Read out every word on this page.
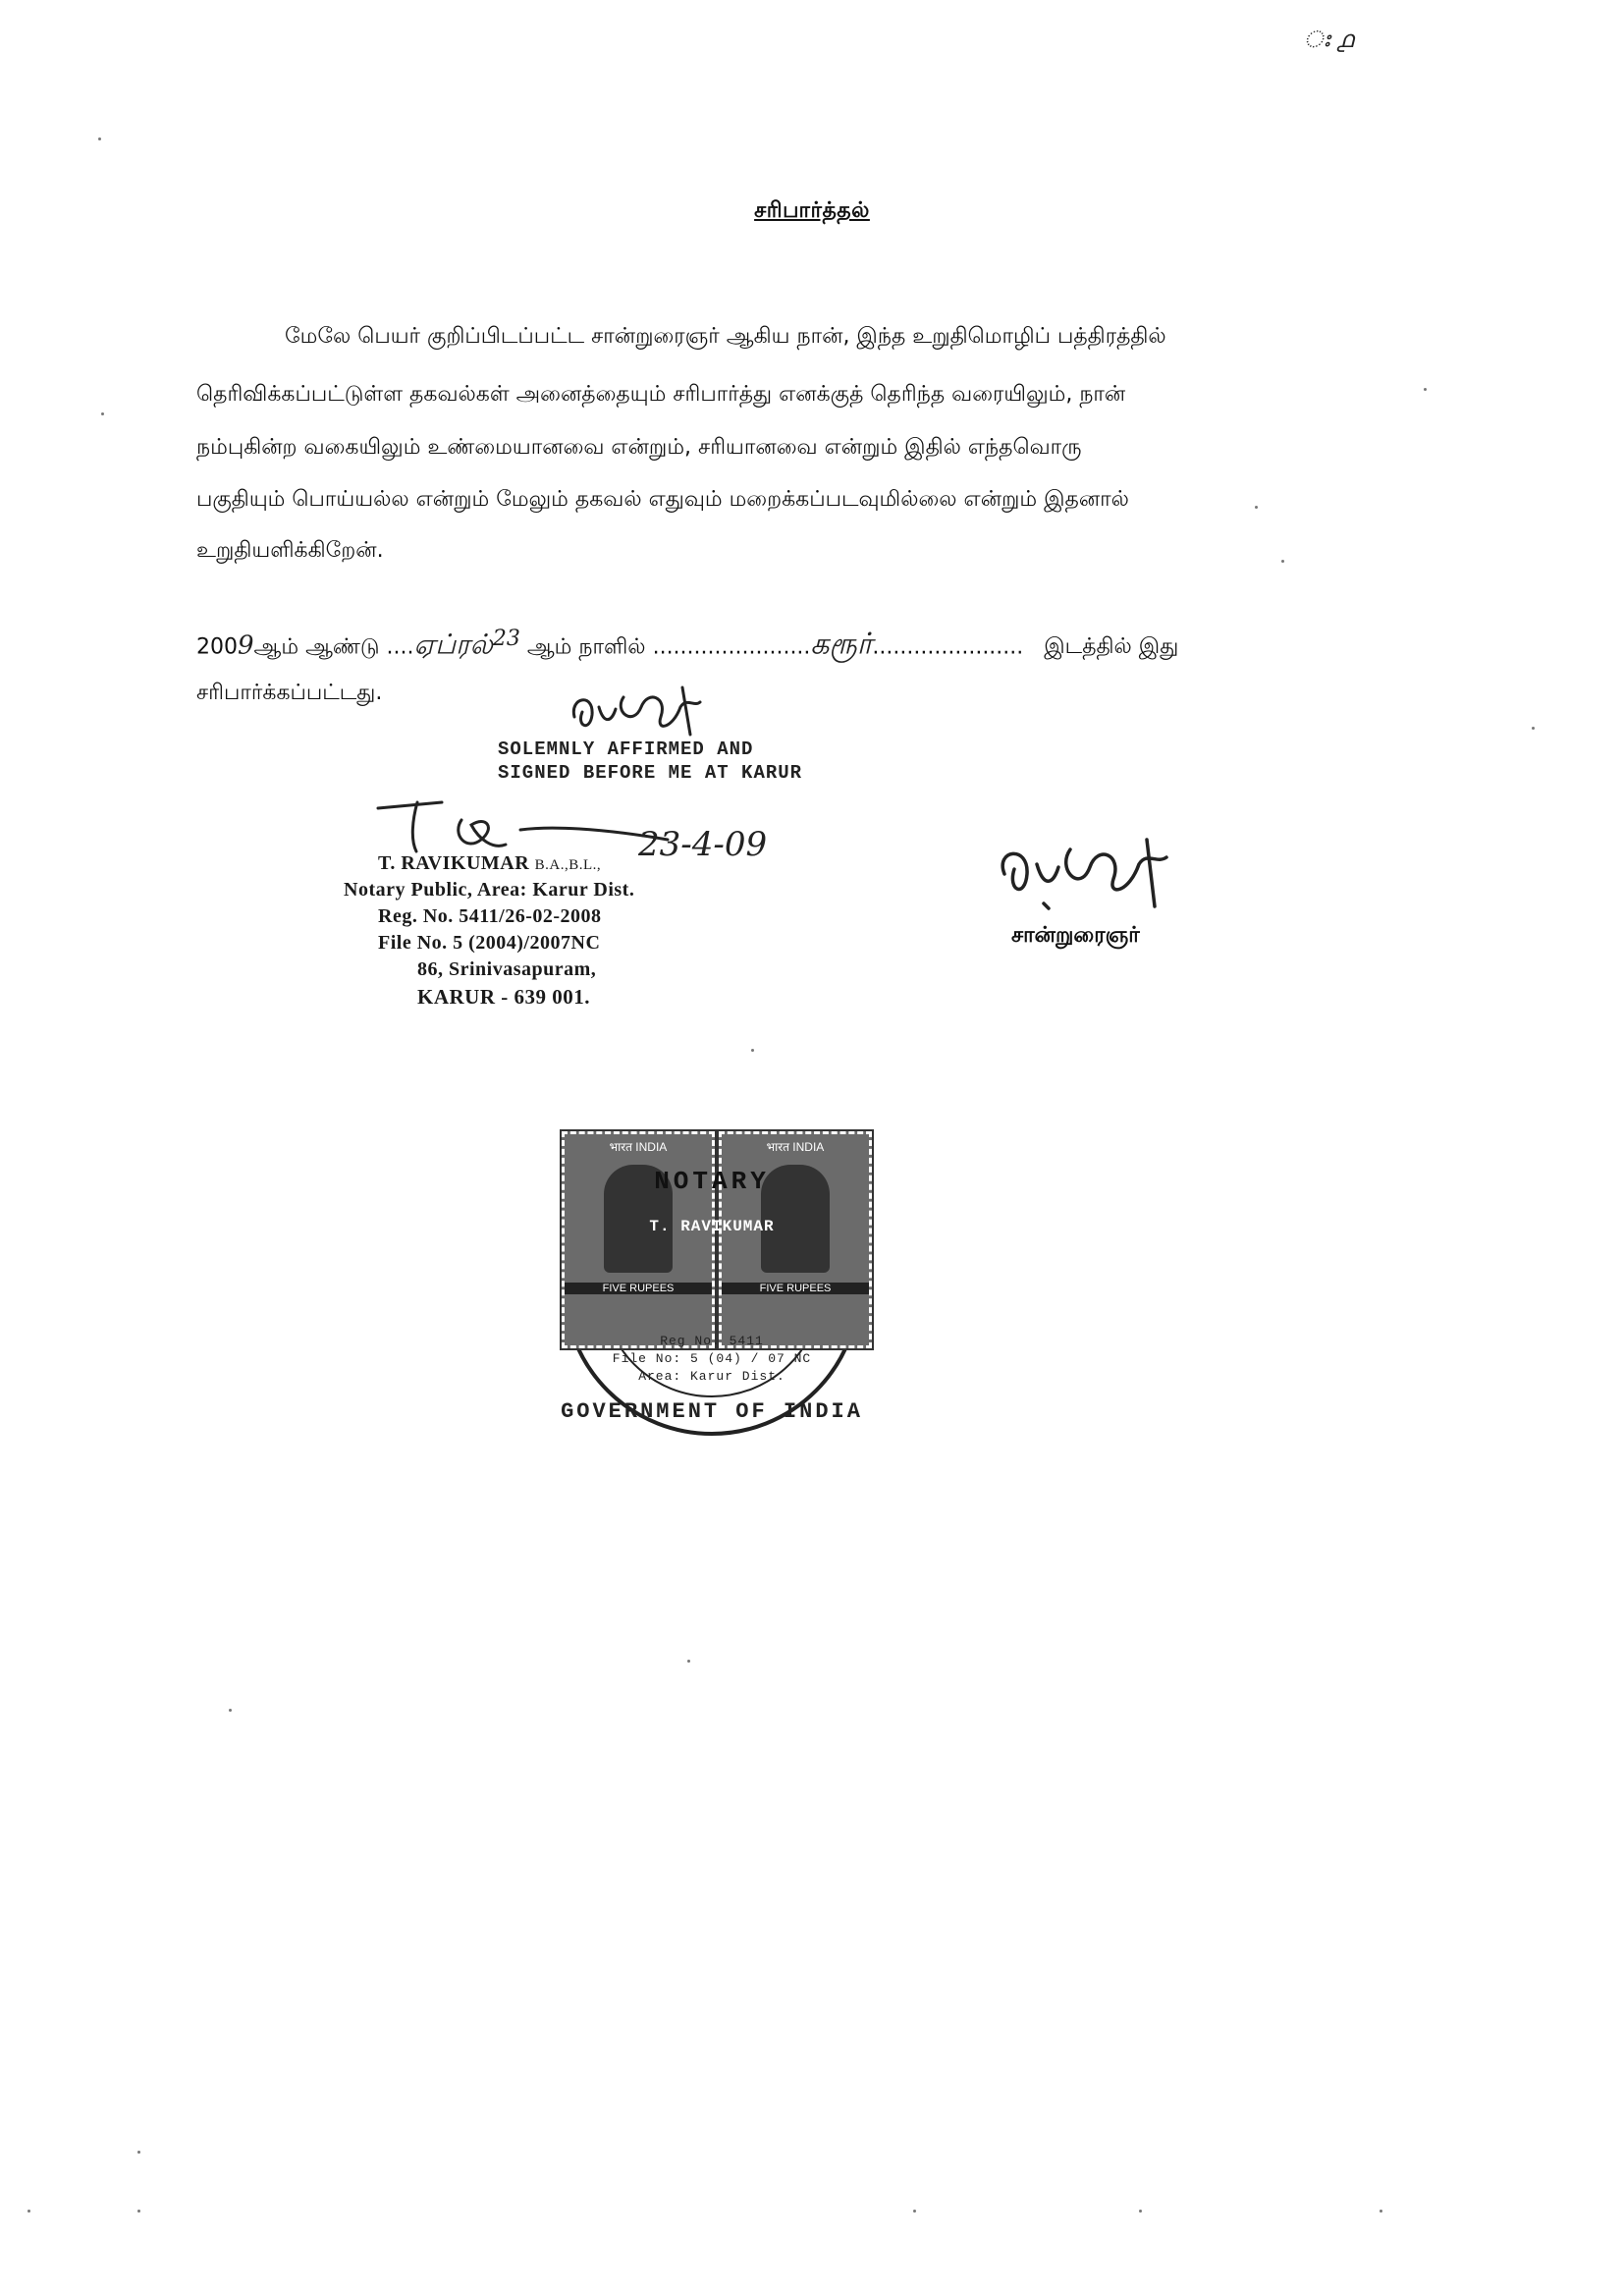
ഃ ൧
சரிபார்த்தல்
மேலே பெயர் குறிப்பிடப்பட்ட சான்றுரைஞர் ஆகிய நான், இந்த உறுதிமொழிப் பத்திரத்தில்
தெரிவிக்கப்பட்டுள்ள தகவல்கள் அனைத்தையும் சரிபார்த்து எனக்குத் தெரிந்த வரையிலும், நான்
நம்புகின்ற வகையிலும் உண்மையானவை என்றும், சரியானவை என்றும் இதில் எந்தவொரு
பகுதியும் பொய்யல்ல என்றும் மேலும் தகவல் எதுவும் மறைக்கப்படவுமில்லை என்றும் இதனால்
உறுதியளிக்கிறேன்.
2009ஆம் ஆண்டு ....ஏப்ரல்$^{23}$ ஆம் நாளில் .......................கரூர்...................... இடத்தில் இது
சரிபார்க்கப்பட்டது.
SOLEMNLY AFFIRMED AND
SIGNED BEFORE ME AT KARUR
23-4-09
T. RAVIKUMAR B.A.,B.L.,
Notary Public, Area: Karur Dist.
Reg. No. 5411/26-02-2008
File No. 5 (2004)/2007NC
86, Srinivasapuram,
KARUR - 639 001.
சான்றுரைஞர்
भारत INDIA
FIVE RUPEES
भारत INDIA
FIVE RUPEES
NOTARY
T. RAVIKUMAR
Reg No. 5411
File No: 5 (04) / 07 NC
Area: Karur Dist.
GOVERNMENT OF INDIA
